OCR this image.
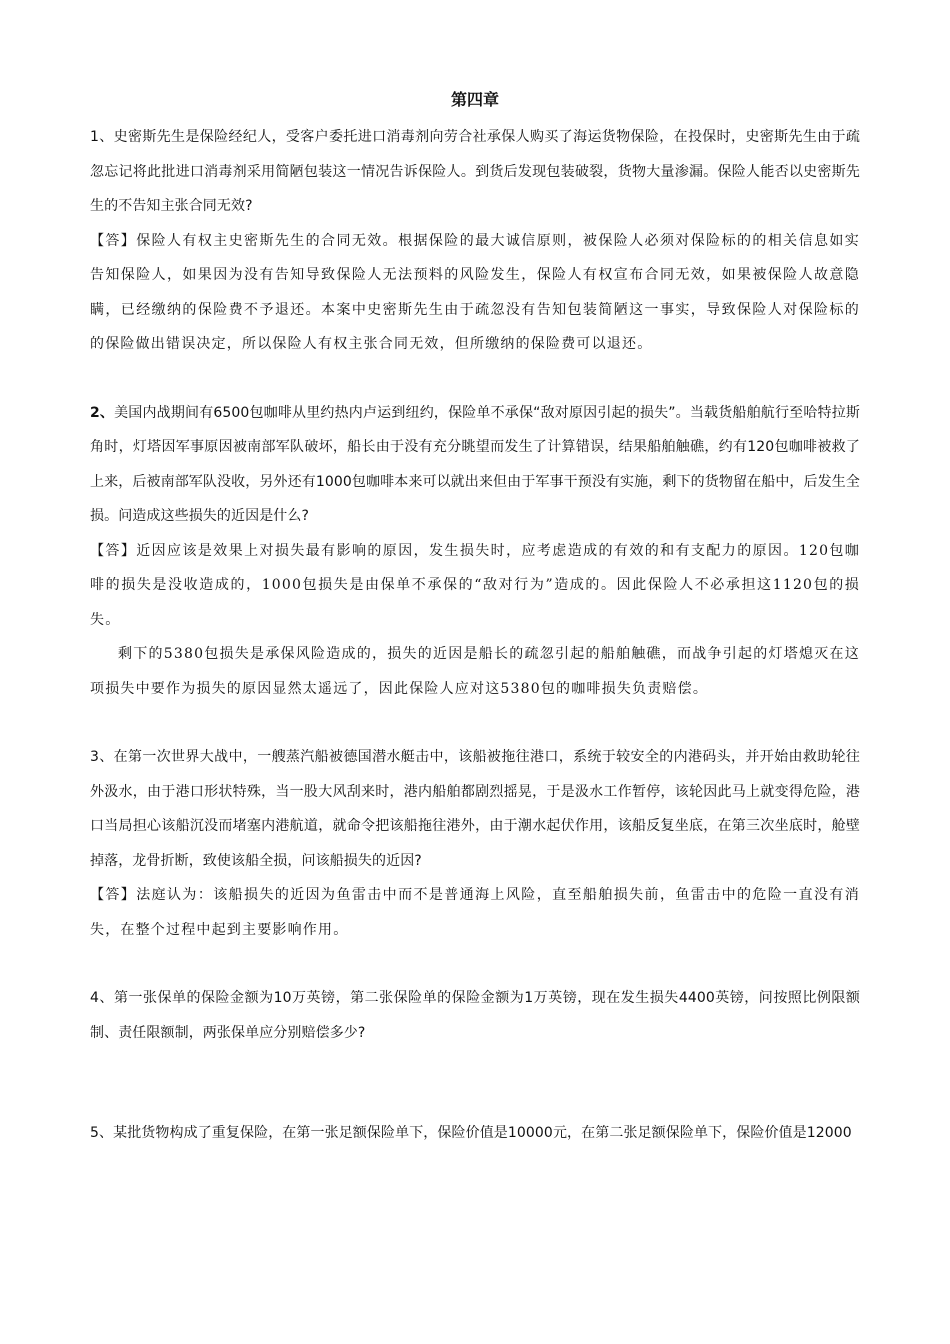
第四章

1、史密斯先生是保险经纪人，受客户委托进口消毒剂向劳合社承保人购买了海运货物保险，在投保时，史密斯先生由于疏忽忘记将此批进口消毒剂采用简陋包装这一情况告诉保险人。到货后发现包装破裂，货物大量渗漏。保险人能否以史密斯先生的不告知主张合同无效?

【答】保险人有权主史密斯先生的合同无效。根据保险的最大诚信原则，被保险人必须对保险标的的相关信息如实告知保险人，如果因为没有告知导致保险人无法预料的风险发生，保险人有权宣布合同无效，如果被保险人故意隐瞒，已经缴纳的保险费不予退还。本案中史密斯先生由于疏忽没有告知包装简陋这一事实，导致保险人对保险标的的保险做出错误决定，所以保险人有权主张合同无效，但所缴纳的保险费可以退还。

2、美国内战期间有6500包咖啡从里约热内卢运到纽约，保险单不承保“敌对原因引起的损失”。当载货船舶航行至哈特拉斯角时，灯塔因军事原因被南部军队破坏，船长由于没有充分眺望而发生了计算错误，结果船舶触礁，约有120包咖啡被救了上来，后被南部军队没收，另外还有1000包咖啡本来可以就出来但由于军事干预没有实施，剩下的货物留在船中，后发生全损。问造成这些损失的近因是什么?

【答】近因应该是效果上对损失最有影响的原因，发生损失时，应考虑造成的有效的和有支配力的原因。120包咖啡的损失是没收造成的，1000包损失是由保单不承保的“敌对行为”造成的。因此保险人不必承担这1120包的损失。

剩下的5380包损失是承保风险造成的，损失的近因是船长的疏忽引起的船舶触礁，而战争引起的灯塔熄灭在这项损失中要作为损失的原因显然太遥远了，因此保险人应对这5380包的咖啡损失负责赔偿。

3、在第一次世界大战中，一艘蒸汽船被德国潜水艇击中，该船被拖往港口，系统于较安全的内港码头，并开始由救助轮往外汲水，由于港口形状特殊，当一股大风刮来时，港内船舶都剧烈摇晃，于是汲水工作暂停，该轮因此马上就变得危险，港口当局担心该船沉没而堵塞内港航道，就命令把该船拖往港外，由于潮水起伏作用，该船反复坐底，在第三次坐底时，舱壁掉落，龙骨折断，致使该船全损，问该船损失的近因?

【答】法庭认为：该船损失的近因为鱼雷击中而不是普通海上风险，直至船舶损失前，鱼雷击中的危险一直没有消失，在整个过程中起到主要影响作用。

4、第一张保单的保险金额为10万英镑，第二张保险单的保险金额为1万英镑，现在发生损失4400英镑，问按照比例限额制、责任限额制，两张保单应分别赔偿多少?

5、某批货物构成了重复保险，在第一张足额保险单下，保险价值是10000元，在第二张足额保险单下，保险价值是12000
